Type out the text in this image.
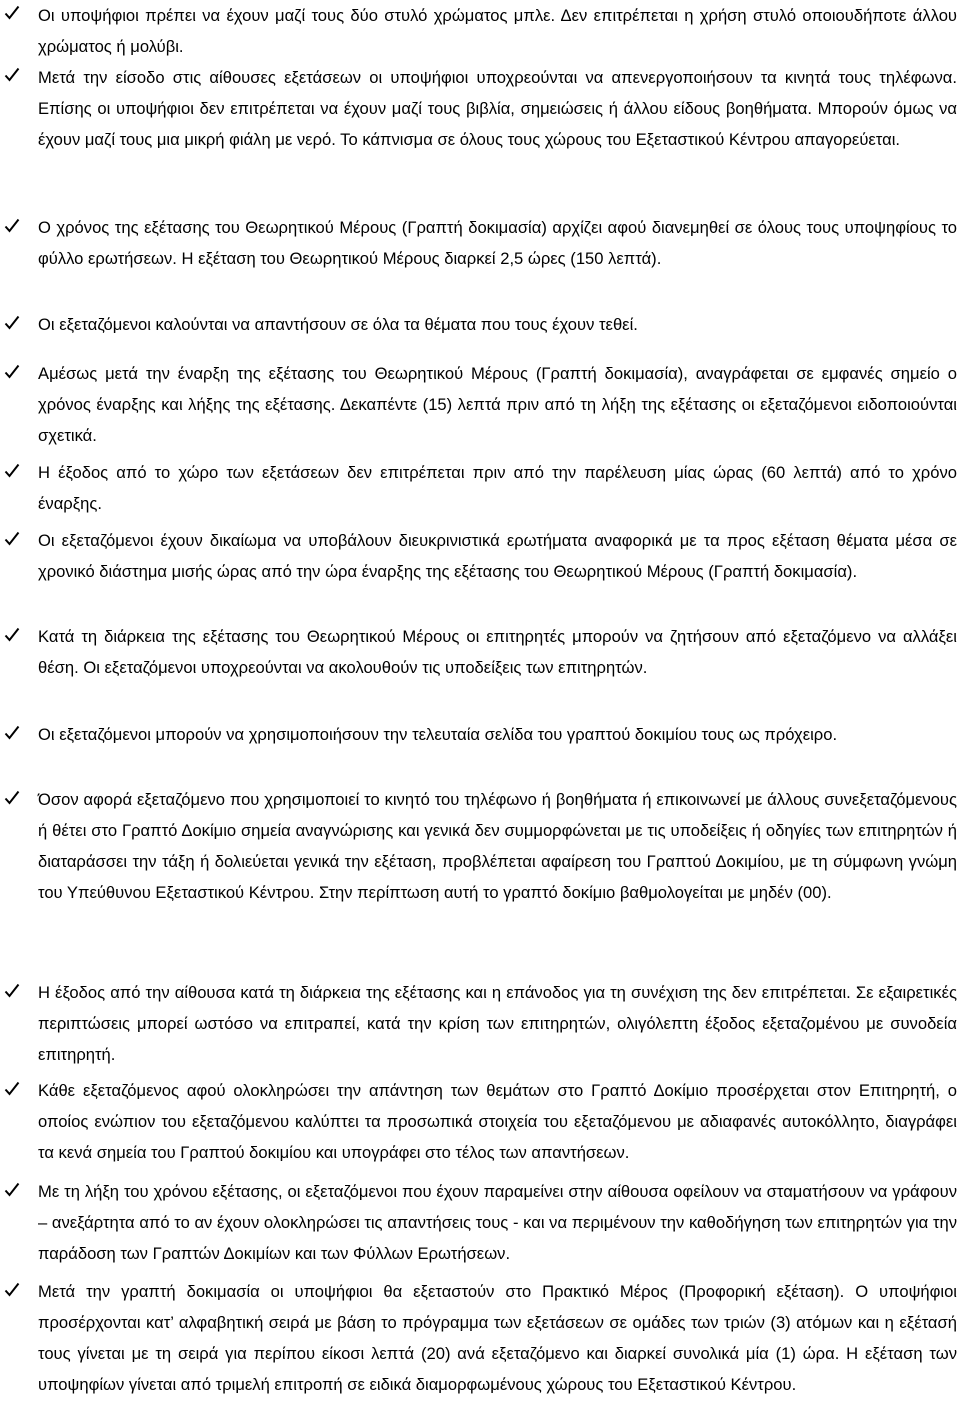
Οι υποψήφιοι πρέπει να έχουν μαζί τους δύο στυλό χρώματος μπλε. Δεν επιτρέπεται η χρήση στυλό οποιουδήποτε άλλου χρώματος ή μολύβι.
Μετά την είσοδο στις αίθουσες εξετάσεων οι υποψήφιοι υποχρεούνται να απενεργοποιήσουν τα κινητά τους τηλέφωνα. Επίσης οι υποψήφιοι δεν επιτρέπεται να έχουν μαζί τους βιβλία, σημειώσεις ή άλλου είδους βοηθήματα. Μπορούν όμως να έχουν μαζί τους μια μικρή φιάλη με νερό. Το κάπνισμα σε όλους τους χώρους του Εξεταστικού Κέντρου απαγορεύεται.
Ο χρόνος της εξέτασης του Θεωρητικού Μέρους (Γραπτή δοκιμασία) αρχίζει αφού διανεμηθεί σε όλους τους υποψηφίους το φύλλο ερωτήσεων. Η εξέταση του Θεωρητικού Μέρους διαρκεί 2,5 ώρες (150 λεπτά).
Οι εξεταζόμενοι καλούνται να απαντήσουν σε όλα τα θέματα που τους έχουν τεθεί.
Αμέσως μετά την έναρξη της εξέτασης του Θεωρητικού Μέρους (Γραπτή δοκιμασία), αναγράφεται σε εμφανές σημείο ο χρόνος έναρξης και λήξης της εξέτασης. Δεκαπέντε (15) λεπτά πριν από τη λήξη της εξέτασης οι εξεταζόμενοι ειδοποιούνται σχετικά.
Η έξοδος από το χώρο των εξετάσεων δεν επιτρέπεται πριν από την παρέλευση μίας ώρας (60 λεπτά) από το χρόνο έναρξης.
Οι εξεταζόμενοι έχουν δικαίωμα να υποβάλουν διευκρινιστικά ερωτήματα αναφορικά με τα προς εξέταση θέματα μέσα σε χρονικό διάστημα μισής ώρας από την ώρα έναρξης της εξέτασης του Θεωρητικού Μέρους (Γραπτή δοκιμασία).
Κατά τη διάρκεια της εξέτασης του Θεωρητικού Μέρους οι επιτηρητές μπορούν να ζητήσουν από εξεταζόμενο να αλλάξει θέση. Οι εξεταζόμενοι υποχρεούνται να ακολουθούν τις υποδείξεις των επιτηρητών.
Οι εξεταζόμενοι μπορούν να χρησιμοποιήσουν την τελευταία σελίδα του γραπτού δοκιμίου τους ως πρόχειρο.
Όσον αφορά εξεταζόμενο που χρησιμοποιεί το κινητό του τηλέφωνο ή βοηθήματα ή επικοινωνεί με άλλους συνεξεταζόμενους ή θέτει στο Γραπτό Δοκίμιο σημεία αναγνώρισης και γενικά δεν συμμορφώνεται με τις υποδείξεις ή οδηγίες των επιτηρητών ή διαταράσσει την τάξη ή δολιεύεται γενικά την εξέταση, προβλέπεται αφαίρεση του Γραπτού Δοκιμίου, με τη σύμφωνη γνώμη του Υπεύθυνου Εξεταστικού Κέντρου. Στην περίπτωση αυτή το γραπτό δοκίμιο βαθμολογείται με μηδέν (00).
Η έξοδος από την αίθουσα κατά τη διάρκεια της εξέτασης και η επάνοδος για τη συνέχιση της δεν επιτρέπεται. Σε εξαιρετικές περιπτώσεις μπορεί ωστόσο να επιτραπεί, κατά την κρίση των επιτηρητών, ολιγόλεπτη έξοδος εξεταζομένου με συνοδεία επιτηρητή.
Κάθε εξεταζόμενος αφού ολοκληρώσει την απάντηση των θεμάτων στο Γραπτό Δοκίμιο προσέρχεται στον Επιτηρητή, ο οποίος ενώπιον του εξεταζόμενου καλύπτει τα προσωπικά στοιχεία του εξεταζόμενου με αδιαφανές αυτοκόλλητο, διαγράφει τα κενά σημεία του Γραπτού δοκιμίου και υπογράφει στο τέλος των απαντήσεων.
Με τη λήξη του χρόνου εξέτασης, οι εξεταζόμενοι που έχουν παραμείνει στην αίθουσα οφείλουν να σταματήσουν να γράφουν – ανεξάρτητα από το αν έχουν ολοκληρώσει τις απαντήσεις τους - και να περιμένουν την καθοδήγηση των επιτηρητών για την παράδοση των Γραπτών Δοκιμίων και των Φύλλων Ερωτήσεων.
Μετά την γραπτή δοκιμασία οι υποψήφιοι θα εξεταστούν στο Πρακτικό Μέρος (Προφορική εξέταση). Ο υποψήφιοι προσέρχονται κατ’ αλφαβητική σειρά με βάση το πρόγραμμα των εξετάσεων σε ομάδες των τριών (3) ατόμων και η εξέτασή τους γίνεται με τη σειρά για περίπου είκοσι λεπτά (20) ανά εξεταζόμενο και διαρκεί συνολικά μία (1) ώρα. Η εξέταση των υποψηφίων γίνεται από τριμελή επιτροπή σε ειδικά διαμορφωμένους χώρους του Εξεταστικού Κέντρου.
